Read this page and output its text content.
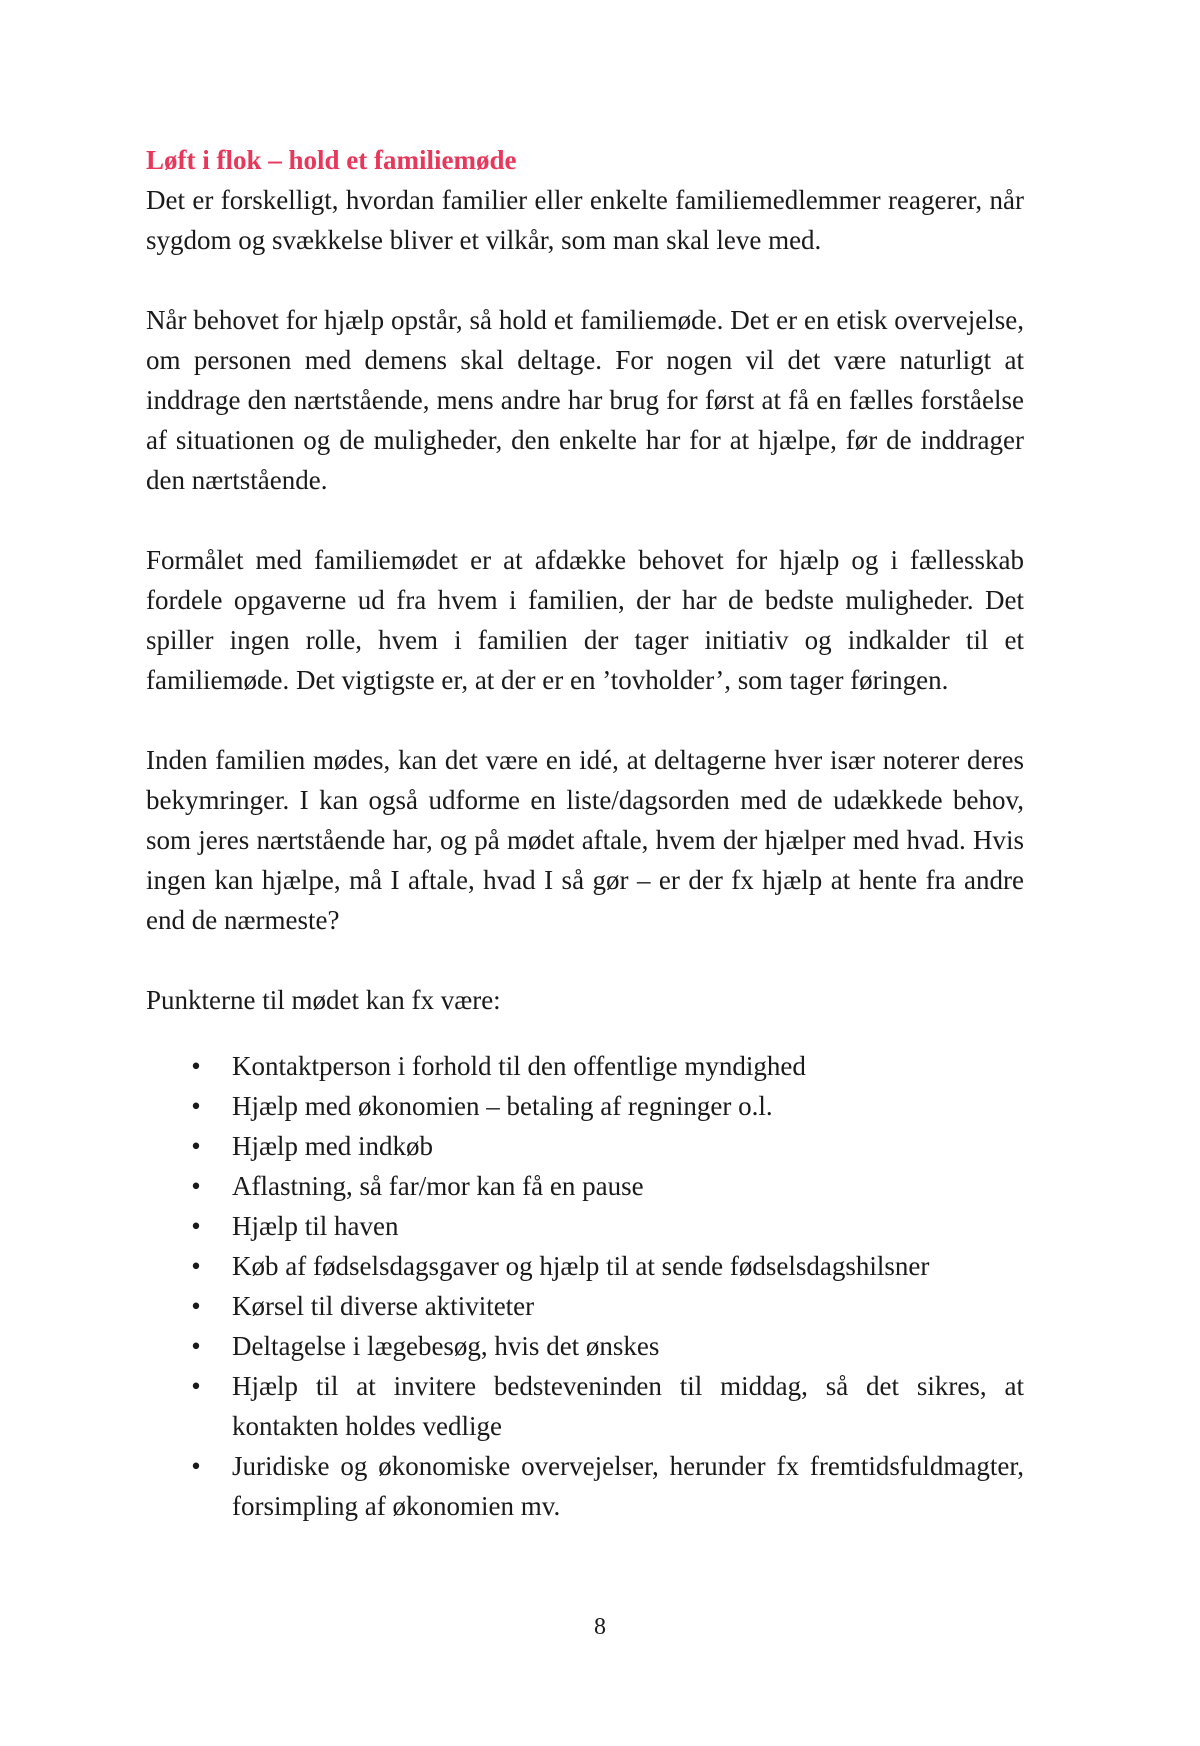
Løft i flok – hold et familiemøde

Det er forskelligt, hvordan familier eller enkelte familiemedlemmer reagerer, når sygdom og svækkelse bliver et vilkår, som man skal leve med.

Når behovet for hjælp opstår, så hold et familiemøde. Det er en etisk overvejelse, om personen med demens skal deltage. For nogen vil det være naturligt at inddrage den nærtstående, mens andre har brug for først at få en fælles forståelse af situationen og de muligheder, den enkelte har for at hjælpe, før de inddrager den nærtstående.

Formålet med familiemødet er at afdække behovet for hjælp og i fællesskab fordele opgaverne ud fra hvem i familien, der har de bedste muligheder. Det spiller ingen rolle, hvem i familien der tager initiativ og indkalder til et familiemøde. Det vigtigste er, at der er en ’tovholder’, som tager føringen.

Inden familien mødes, kan det være en idé, at deltagerne hver især noterer deres bekymringer. I kan også udforme en liste/dagsorden med de udækkede behov, som jeres nærtstående har, og på mødet aftale, hvem der hjælper med hvad. Hvis ingen kan hjælpe, må I aftale, hvad I så gør – er der fx hjælp at hente fra andre end de nærmeste?

Punkterne til mødet kan fx være:

• Kontaktperson i forhold til den offentlige myndighed
• Hjælp med økonomien – betaling af regninger o.l.
• Hjælp med indkøb
• Aflastning, så far/mor kan få en pause
• Hjælp til haven
• Køb af fødselsdagsgaver og hjælp til at sende fødselsdagshilsner
• Kørsel til diverse aktiviteter
• Deltagelse i lægebesøg, hvis det ønskes
• Hjælp til at invitere bedsteveninden til middag, så det sikres, at kontakten holdes vedlige
• Juridiske og økonomiske overvejelser, herunder fx fremtidsfuldmagter, forsimpling af økonomien mv.
8
